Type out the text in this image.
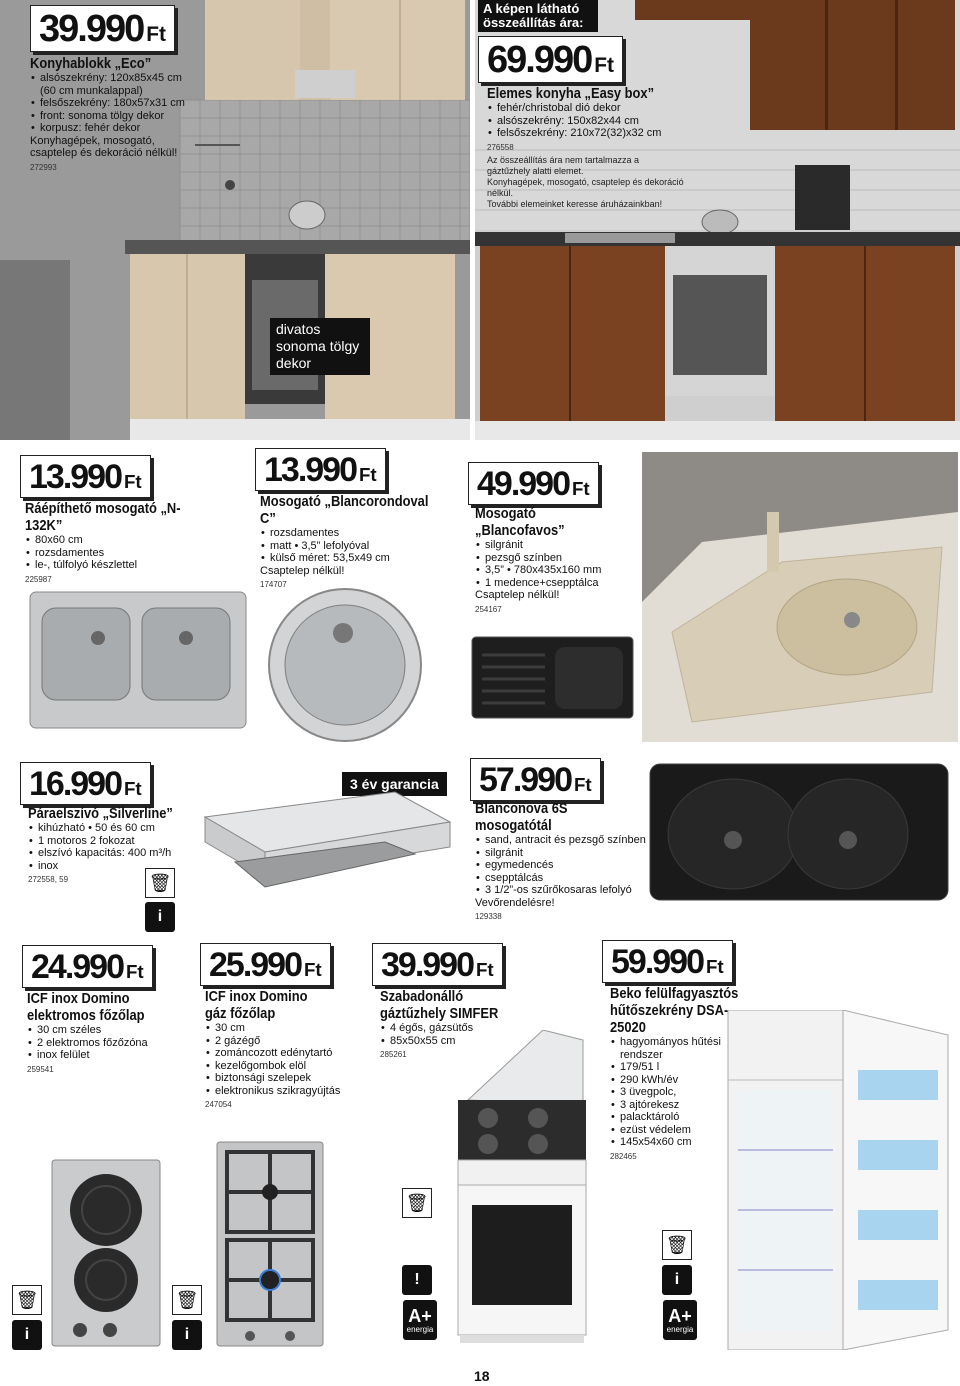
39.990 Ft
Konyhablokk „Eco”
• alsószekrény: 120x85x45 cm (60 cm munkalappal)
• felsőszekrény: 180x57x31 cm
• front: sonoma tölgy dekor
• korpusz: fehér dekor
Konyhagépek, mosogató, csaptelep és dekoráció nélkül!
272993
A képen látható összeállítás ára:
69.990 Ft
Elemes konyha „Easy box”
• fehér/christobal dió dekor
• alsószekrény: 150x82x44 cm
• felsőszekrény: 210x72(32)x32 cm
276558
Az összeállítás ára nem tartalmazza a gáztűzhely alatti elemet.
Konyhagépek, mosogató, csaptelep és dekoráció nélkül.
További elemeinket keresse áruházainkban!
divatos sonoma tölgy dekor
13.990 Ft
Ráépíthető mosogató „N-132K”
• 80x60 cm
• rozsdamentes
• le-, túlfolyó készlettel
225987
13.990 Ft
Mosogató „Blancorondoval C”
• rozsdamentes
• matt • 3,5” lefolyóval
• külső méret: 53,5x49 cm
Csaptelep nélkül!
174707
49.990 Ft
Mosogató „Blancofavos”
• silgránit
• pezsgő színben
• 3,5” • 780x435x160 mm
• 1 medence+csepptálca
Csaptelep nélkül!
254167
16.990 Ft
Páraelszívó „Silverline”
• kihúzható • 50 és 60 cm
• 1 motoros 2 fokozat
• elszívó kapacitás: 400 m³/h
• inox
272558, 59	🗑
i
3 év garancia 57.990 Ft
Blanconova 6S mosogatótál
• sand, antracit és pezsgő színben
• silgránit
• egymedencés
• csepptálcás
• 3 1/2”-os szűrőkosaras lefolyó
Vevőrendelésre!
129338
24.990 Ft
ICF inox Domino elektromos főzőlap
• 30 cm széles
• 2 elektromos főzőzóna
• inox felület
259541
🗑
i
25.990 Ft
ICF inox Domino gáz főzőlap
• 30 cm
• 2 gázégő
• zománcozott edénytartó
• kezelőgombok elöl
• biztonsági szelepek
• elektronikus szikragyújtás
247054
🗑
i
39.990 Ft
Szabadonálló gáztűzhely SIMFER
• 4 égős, gázsütős
• 85x50x55 cm
285261
🗑
!
A+
energia
59.990 Ft
Beko felülfagyasztós hűtőszekrény DSA-25020
• hagyományos hűtési rendszer
• 179/51 l
• 290 kWh/év
• 3 üvegpolc,
• 3 ajtórekesz
• palacktároló
• ezüst védelem
• 145x54x60 cm
282465
🗑
i
A+
energia
18
